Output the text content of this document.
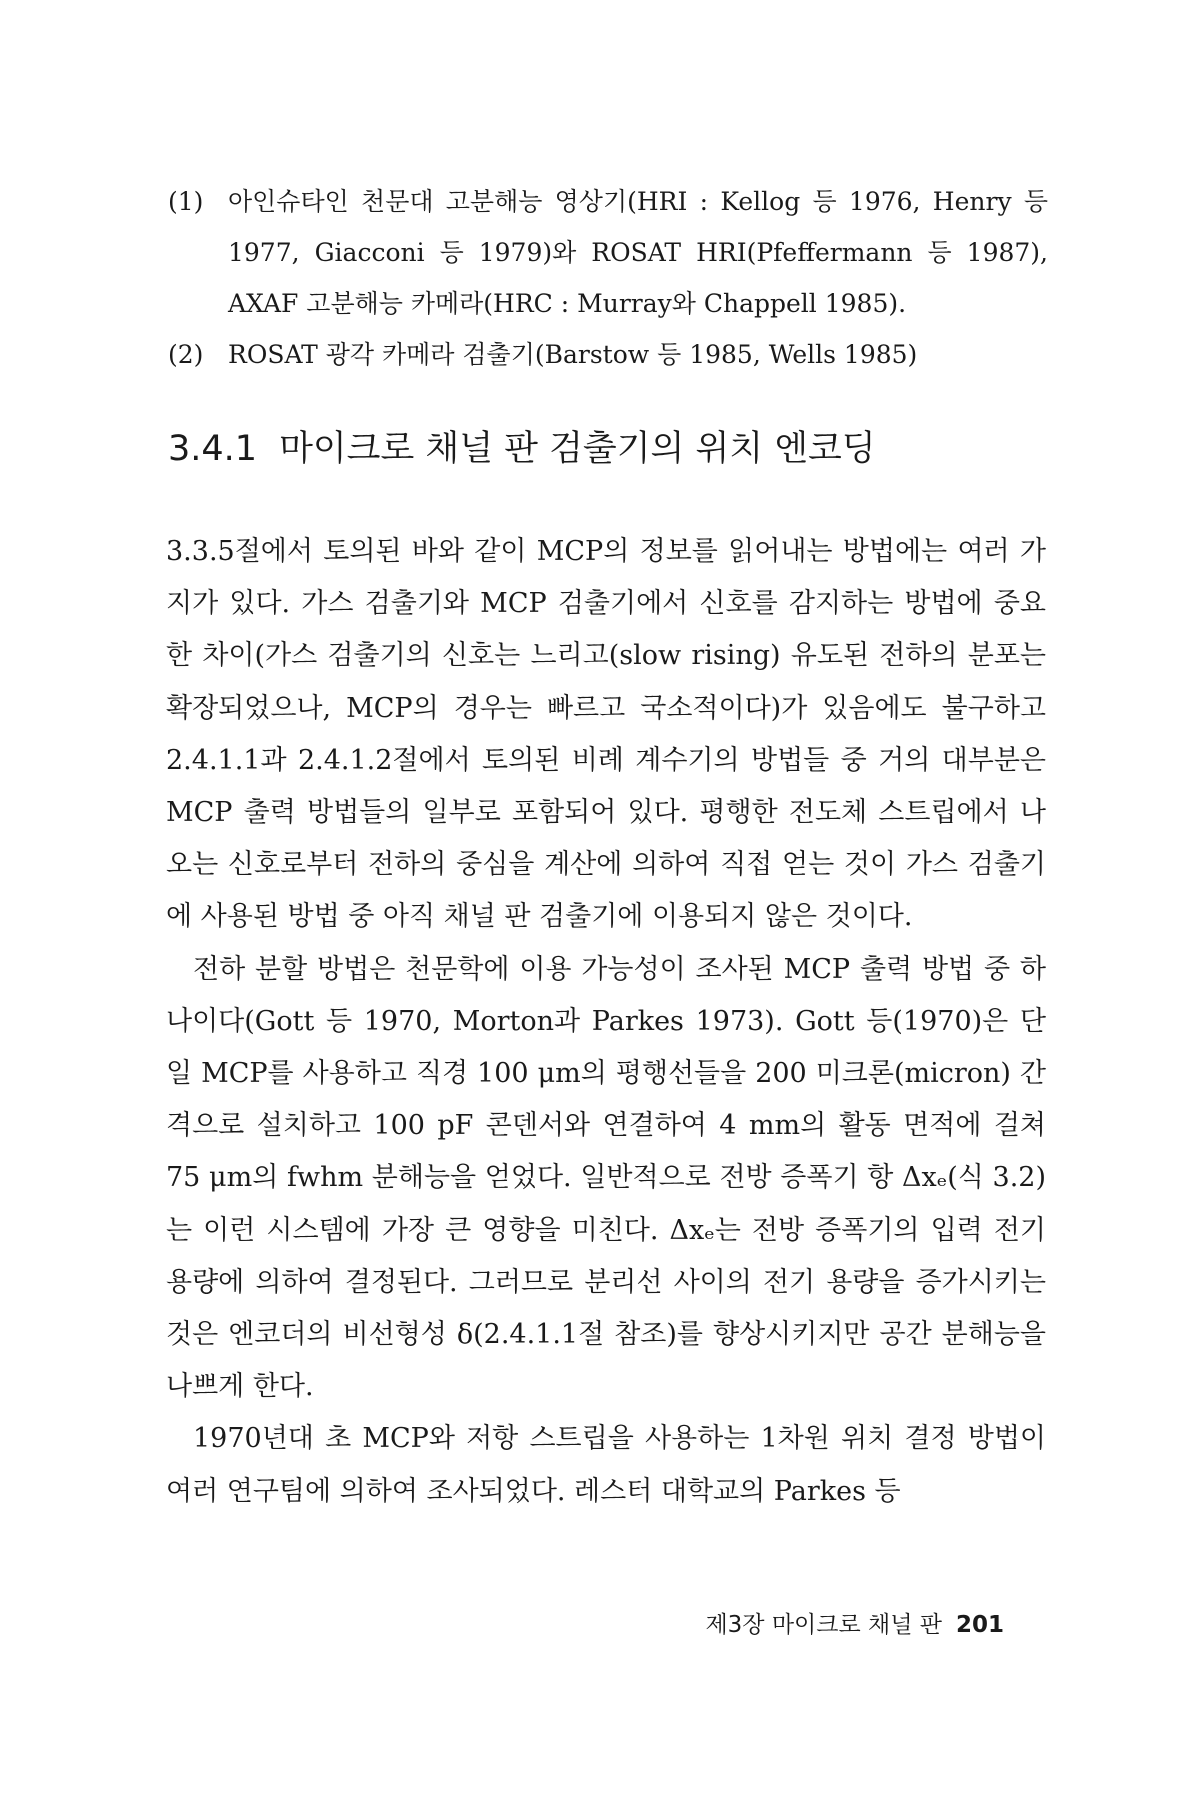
(1) 아인슈타인 천문대 고분해능 영상기(HRI : Kellog 등 1976, Henry 등 1977, Giacconi 등 1979)와 ROSAT HRI(Pfeffermann 등 1987), AXAF 고분해능 카메라(HRC : Murray와 Chappell 1985).
(2) ROSAT 광각 카메라 검출기(Barstow 등 1985, Wells 1985)
3.4.1 마이크로 채널 판 검출기의 위치 엔코딩

3.3.5절에서 토의된 바와 같이 MCP의 정보를 읽어내는 방법에는 여러 가지가 있다. 가스 검출기와 MCP 검출기에서 신호를 감지하는 방법에 중요한 차이(가스 검출기의 신호는 느리고(slow rising) 유도된 전하의 분포는 확장되었으나, MCP의 경우는 빠르고 국소적이다)가 있음에도 불구하고 2.4.1.1과 2.4.1.2절에서 토의된 비례 계수기의 방법들 중 거의 대부분은 MCP 출력 방법들의 일부로 포함되어 있다. 평행한 전도체 스트립에서 나오는 신호로부터 전하의 중심을 계산에 의하여 직접 얻는 것이 가스 검출기에 사용된 방법 중 아직 채널 판 검출기에 이용되지 않은 것이다.

전하 분할 방법은 천문학에 이용 가능성이 조사된 MCP 출력 방법 중 하나이다(Gott 등 1970, Morton과 Parkes 1973). Gott 등(1970)은 단일 MCP를 사용하고 직경 100 μm의 평행선들을 200 미크론(micron) 간격으로 설치하고 100 pF 콘덴서와 연결하여 4 mm의 활동 면적에 걸쳐 75 μm의 fwhm 분해능을 얻었다. 일반적으로 전방 증폭기 항 Δxₑ(식 3.2)는 이런 시스템에 가장 큰 영향을 미친다. Δxₑ는 전방 증폭기의 입력 전기 용량에 의하여 결정된다. 그러므로 분리선 사이의 전기 용량을 증가시키는 것은 엔코더의 비선형성 δ(2.4.1.1절 참조)를 향상시키지만 공간 분해능을 나쁘게 한다.

1970년대 초 MCP와 저항 스트립을 사용하는 1차원 위치 결정 방법이 여러 연구팀에 의하여 조사되었다. 레스터 대학교의 Parkes 등

제3장 마이크로 채널 판 201
